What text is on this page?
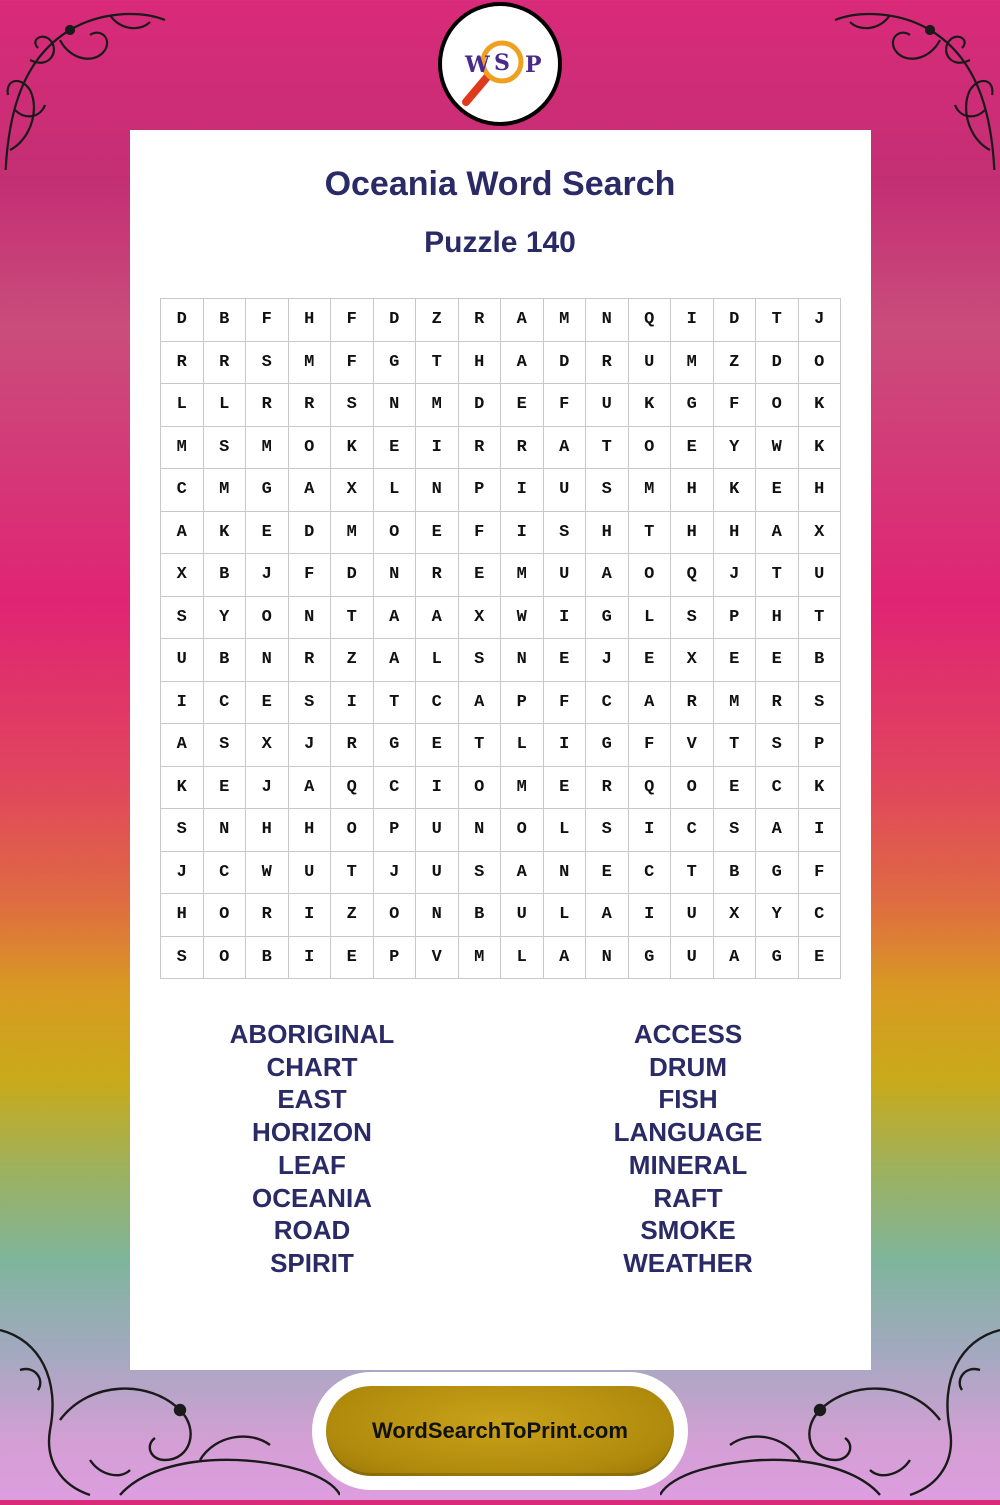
W S P
Oceania Word Search
Puzzle 140
D	B	F	H	F	D	Z	R	A	M	N	Q	I	D	T	J
R	R	S	M	F	G	T	H	A	D	R	U	M	Z	D	O
L	L	R	R	S	N	M	D	E	F	U	K	G	F	O	K
M	S	M	O	K	E	I	R	R	A	T	O	E	Y	W	K
C	M	G	A	X	L	N	P	I	U	S	M	H	K	E	H
A	K	E	D	M	O	E	F	I	S	H	T	H	H	A	X
X	B	J	F	D	N	R	E	M	U	A	O	Q	J	T	U
S	Y	O	N	T	A	A	X	W	I	G	L	S	P	H	T
U	B	N	R	Z	A	L	S	N	E	J	E	X	E	E	B
I	C	E	S	I	T	C	A	P	F	C	A	R	M	R	S
A	S	X	J	R	G	E	T	L	I	G	F	V	T	S	P
K	E	J	A	Q	C	I	O	M	E	R	Q	O	E	C	K
S	N	H	H	O	P	U	N	O	L	S	I	C	S	A	I
J	C	W	U	T	J	U	S	A	N	E	C	T	B	G	F
H	O	R	I	Z	O	N	B	U	L	A	I	U	X	Y	C
S	O	B	I	E	P	V	M	L	A	N	G	U	A	G	E
ABORIGINAL
CHART
EAST
HORIZON
LEAF
OCEANIA
ROAD
SPIRIT
ACCESS
DRUM
FISH
LANGUAGE
MINERAL
RAFT
SMOKE
WEATHER
WordSearchToPrint.com
